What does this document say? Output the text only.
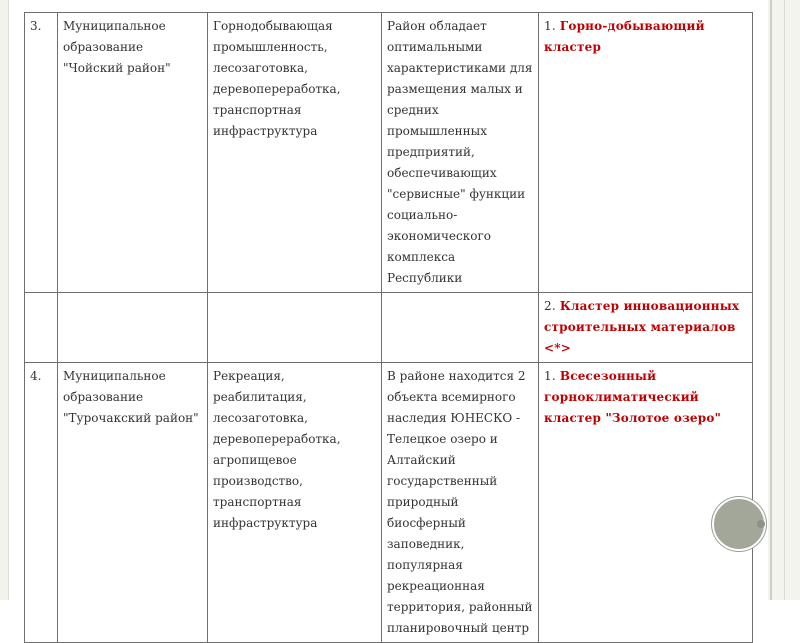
3.	Муниципальное образование "Чойский район"	Горнодобывающая промышленность, лесозаготовка, деревопереработка, транспортная инфраструктура	Район обладает оптимальными характеристиками для размещения малых и средних промышленных предприятий, обеспечивающих "сервисные" функции социально-экономического комплекса Республики	1. Горно-добывающий кластер
				2. Кластер инновационных строительных материалов <*>
4.	Муниципальное образование "Турочакский район"	Рекреация, реабилитация, лесозаготовка, деревопереработка, агропищевое производство, транспортная инфраструктура	В районе находится 2 объекта всемирного наследия ЮНЕСКО - Телецкое озеро и Алтайский государственный природный биосферный заповедник, популярная рекреационная территория, районный планировочный центр	1. Всесезонный горноклиматический кластер "Золотое озеро"
